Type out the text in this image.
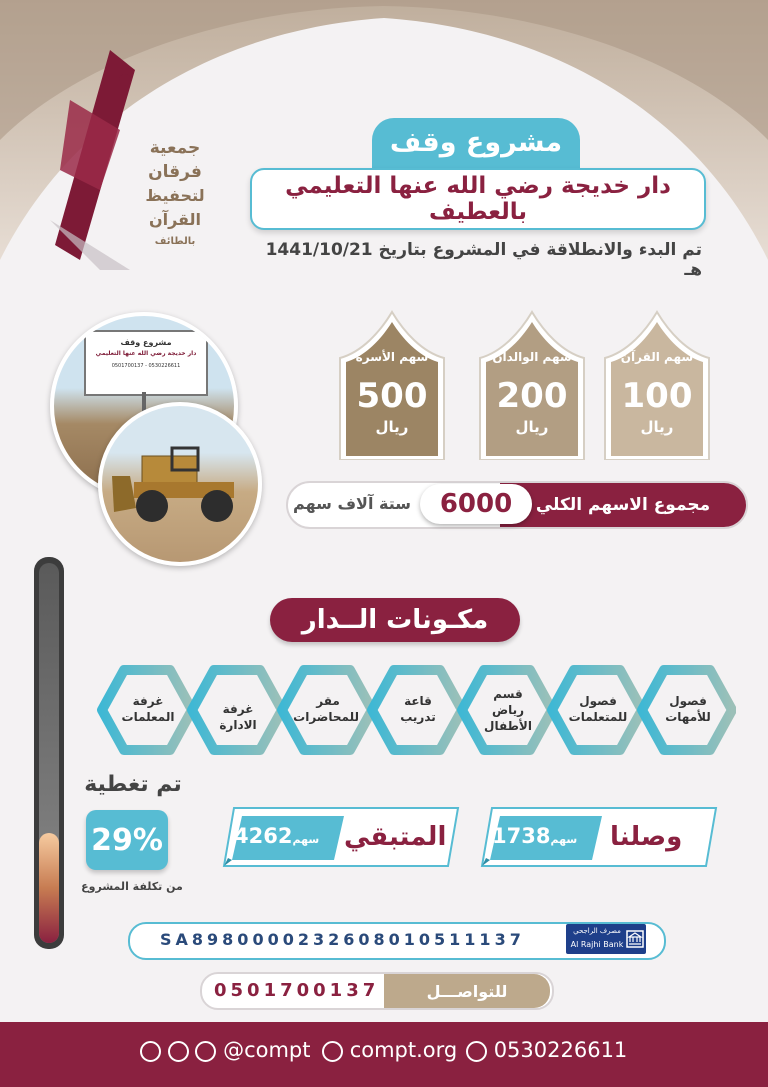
جمعية
فرقان
لتحفيظ
القرآن
بالطائف
مشروع وقف
دار خديجة رضي الله عنها التعليمي بالعطيف
تم البدء والانطلاقة في المشروع بتاريخ 1441/10/21 هـ
مشروع وقف
دار خديجة رضي الله عنها التعليمي
0501700137 - 0530226611
سهم القرآن
100
ريال
سهم الوالدان
200
ريال
سهم الأسرة
500
ريال
مجموع الاسهم الكلي
6000
ستة آلاف سهم
مكـونات الــدار
فصول للأمهات
فصول للمتعلمات
قسم رياض الأطفال
قاعة تدريب
مقر للمحاضرات
غرفة الادارة
غرفة المعلمات
تم تغطية
29%
من تكلفة المشروع
وصلنا
سهم1738
المتبقي
سهم4262
SA8980000232608010511137	مصرف الراجحي
Al Rajhi Bank
للتواصـــل
0501700137
@compt	compt.org	0530226611
